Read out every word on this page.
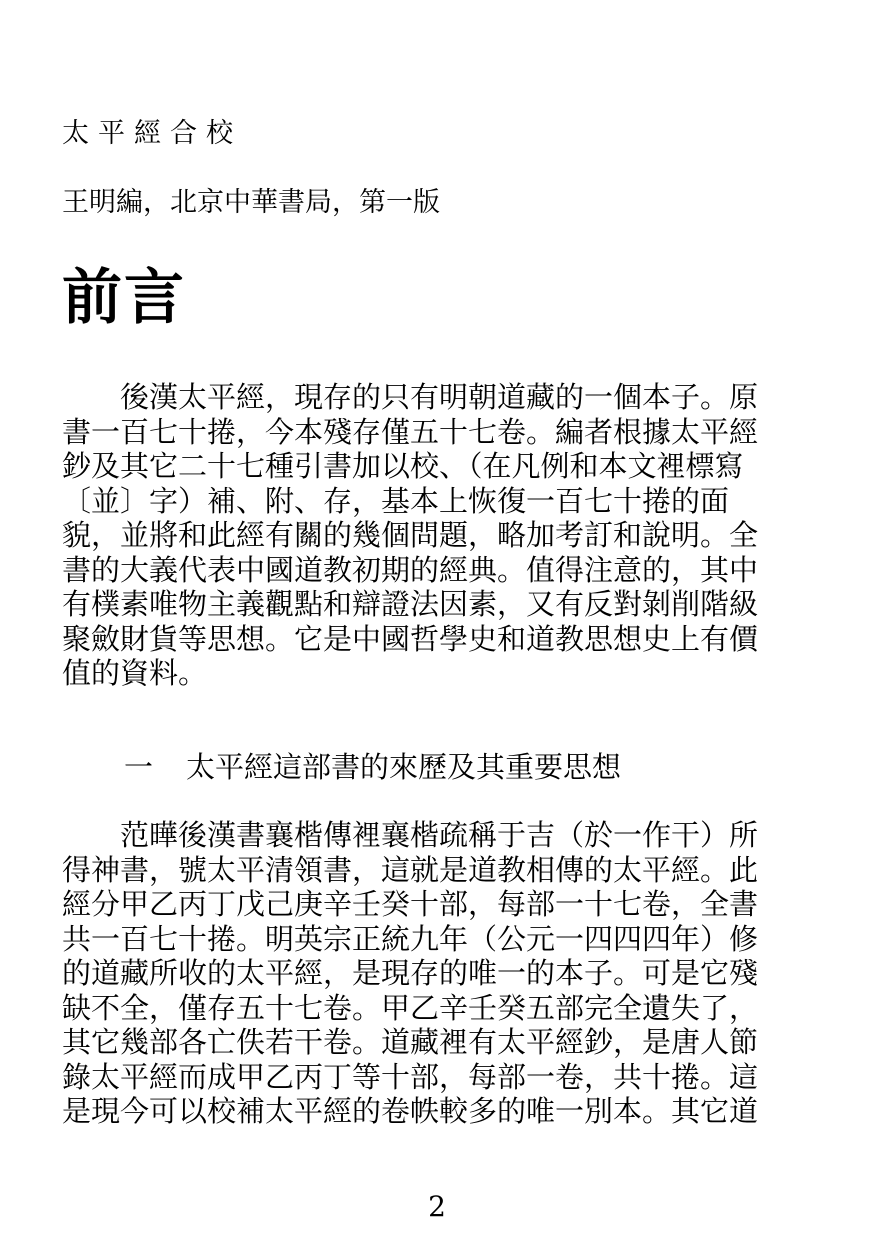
太平經合校
王明編，北京中華書局，第一版
前言
　　後漢太平經，現存的只有明朝道藏的一個本子。原
書一百七十捲，今本殘存僅五十七卷。編者根據太平經
鈔及其它二十七種引書加以校、（在凡例和本文裡標寫
〔並〕字）補、附、存，基本上恢復一百七十捲的面
貌，並將和此經有關的幾個問題，略加考訂和說明。全
書的大義代表中國道教初期的經典。值得注意的，其中
有樸素唯物主義觀點和辯證法因素，又有反對剝削階級
聚斂財貨等思想。它是中國哲學史和道教思想史上有價
值的資料。
一 太平經這部書的來歷及其重要思想
　　范曄後漢書襄楷傳裡襄楷疏稱于吉（於一作干）所
得神書，號太平清領書，這就是道教相傳的太平經。此
經分甲乙丙丁戊己庚辛壬癸十部，每部一十七卷，全書
共一百七十捲。明英宗正統九年（公元一四四四年）修
的道藏所收的太平經，是現存的唯一的本子。可是它殘
缺不全，僅存五十七卷。甲乙辛壬癸五部完全遺失了，
其它幾部各亡佚若干卷。道藏裡有太平經鈔，是唐人節
錄太平經而成甲乙丙丁等十部，每部一卷，共十捲。這
是現今可以校補太平經的卷帙較多的唯一別本。其它道
2
